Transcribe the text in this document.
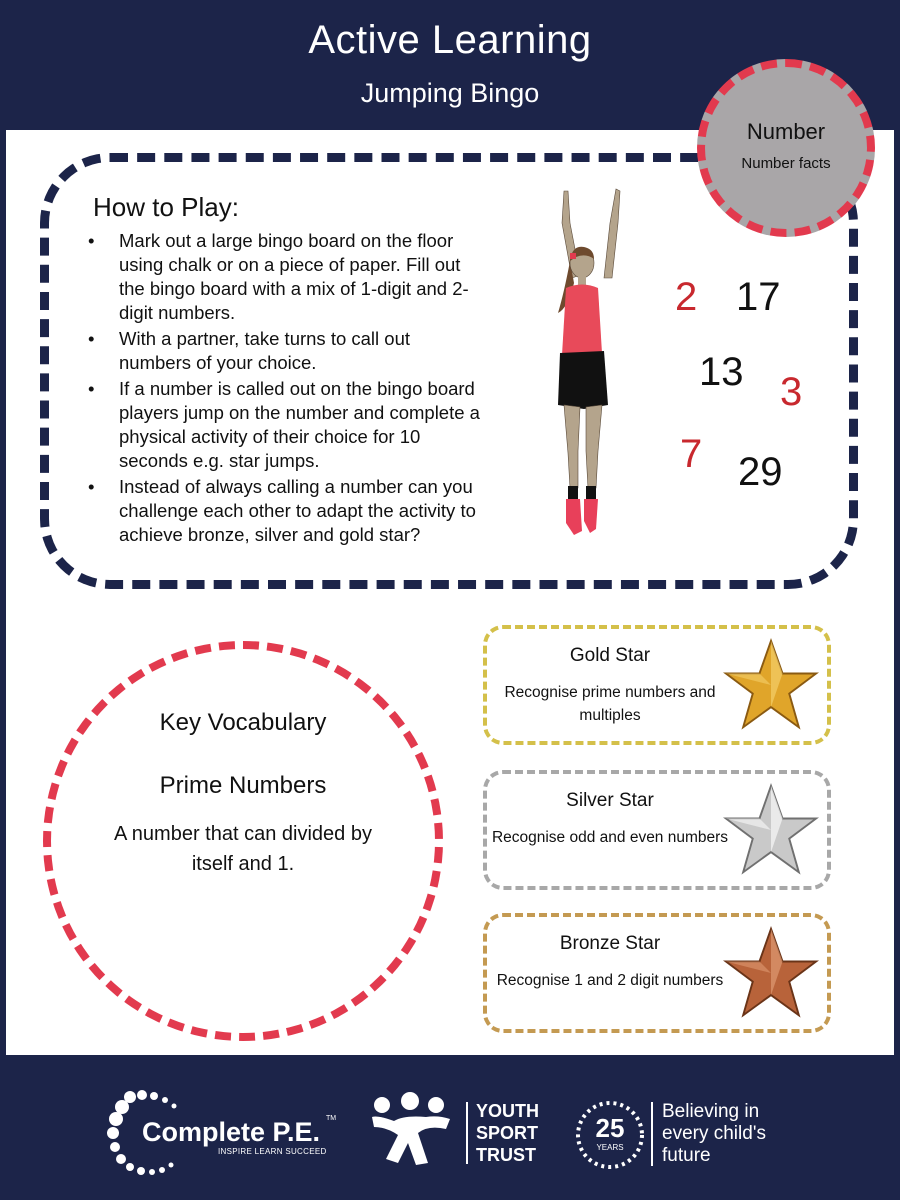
Active Learning
Jumping Bingo
How to Play:
• Mark out a large bingo board on the floor using chalk or on a piece of paper. Fill out the bingo board with a mix of 1-digit and 2-digit numbers.
• With a partner, take turns to call out numbers of your choice.
• If a number is called out on the bingo board players jump on the number and complete a physical activity of their choice for 10 seconds e.g. star jumps.
• Instead of always calling a number can you challenge each other to adapt the activity to achieve bronze, silver and gold star?
Number
Number facts
2 17
13 3
7 29
Key Vocabulary
Prime Numbers
A number that can divided by itself and 1.
Gold Star
Recognise prime numbers and multiples
Silver Star
Recognise odd and even numbers
Bronze Star
Recognise 1 and 2 digit numbers
Complete P.E. TM
INSPIRE LEARN SUCCEED
YOUTH
SPORT
TRUST
25
YEARS
Believing in
every child's
future
